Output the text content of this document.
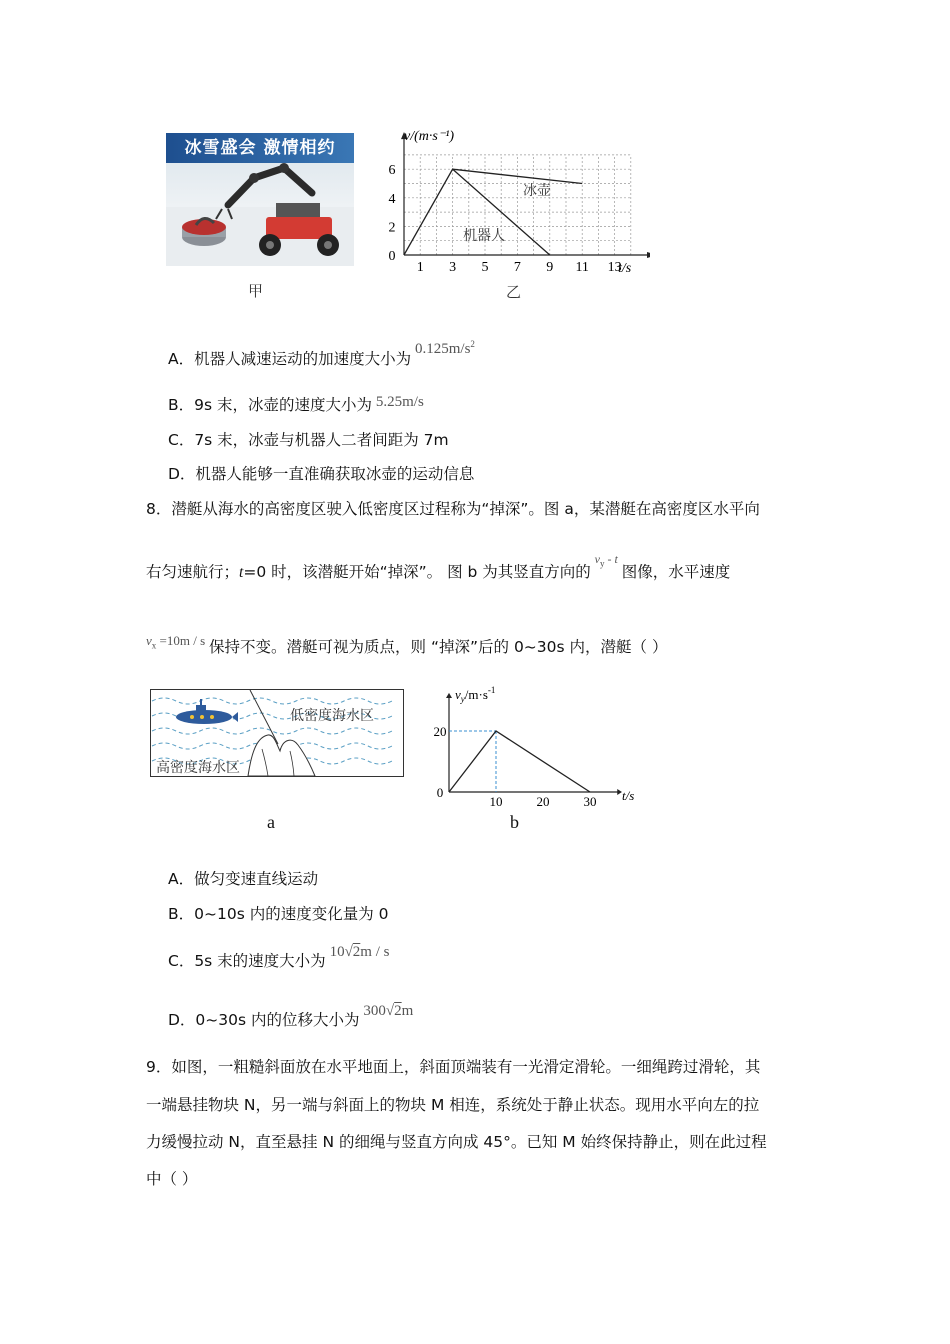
冰雪盛会 激情相约
甲
1 3 5 7 9 11 13
0
2
4
6
v/(m·s⁻¹)
t/s
冰壶
机器人
乙
A．机器人减速运动的加速度大小为 $0.125m/s^2$
B．9s 末，冰壶的速度大小为 5.25m/s
C．7s 末，冰壶与机器人二者间距为 7m
D．机器人能够一直准确获取冰壶的运动信息
8．潜艇从海水的高密度区驶入低密度区过程称为“掉深”。图 a，某潜艇在高密度区水平向
右匀速航行；t=0 时，该潜艇开始“掉深”。 图 b 为其竖直方向的 $^{v_y - t}$ 图像，水平速度
$^{v_x =10m / s}$ 保持不变。潜艇可视为质点，则 “掉深”后的 0~30s 内，潜艇（ ）
低密度海水区
高密度海水区
a
10	20	30
0
20
$v_y/m\cdot s^{-1}$
t/s
b
A．做匀变速直线运动
B．0~10s 内的速度变化量为 0
C．5s 末的速度大小为 10√2m / s
D．0~30s 内的位移大小为 300√2m
9．如图，一粗糙斜面放在水平地面上，斜面顶端装有一光滑定滑轮。一细绳跨过滑轮，其
一端悬挂物块 N，另一端与斜面上的物块 M 相连，系统处于静止状态。现用水平向左的拉
力缓慢拉动 N，直至悬挂 N 的细绳与竖直方向成 45°。已知 M 始终保持静止，则在此过程
中（ ）
